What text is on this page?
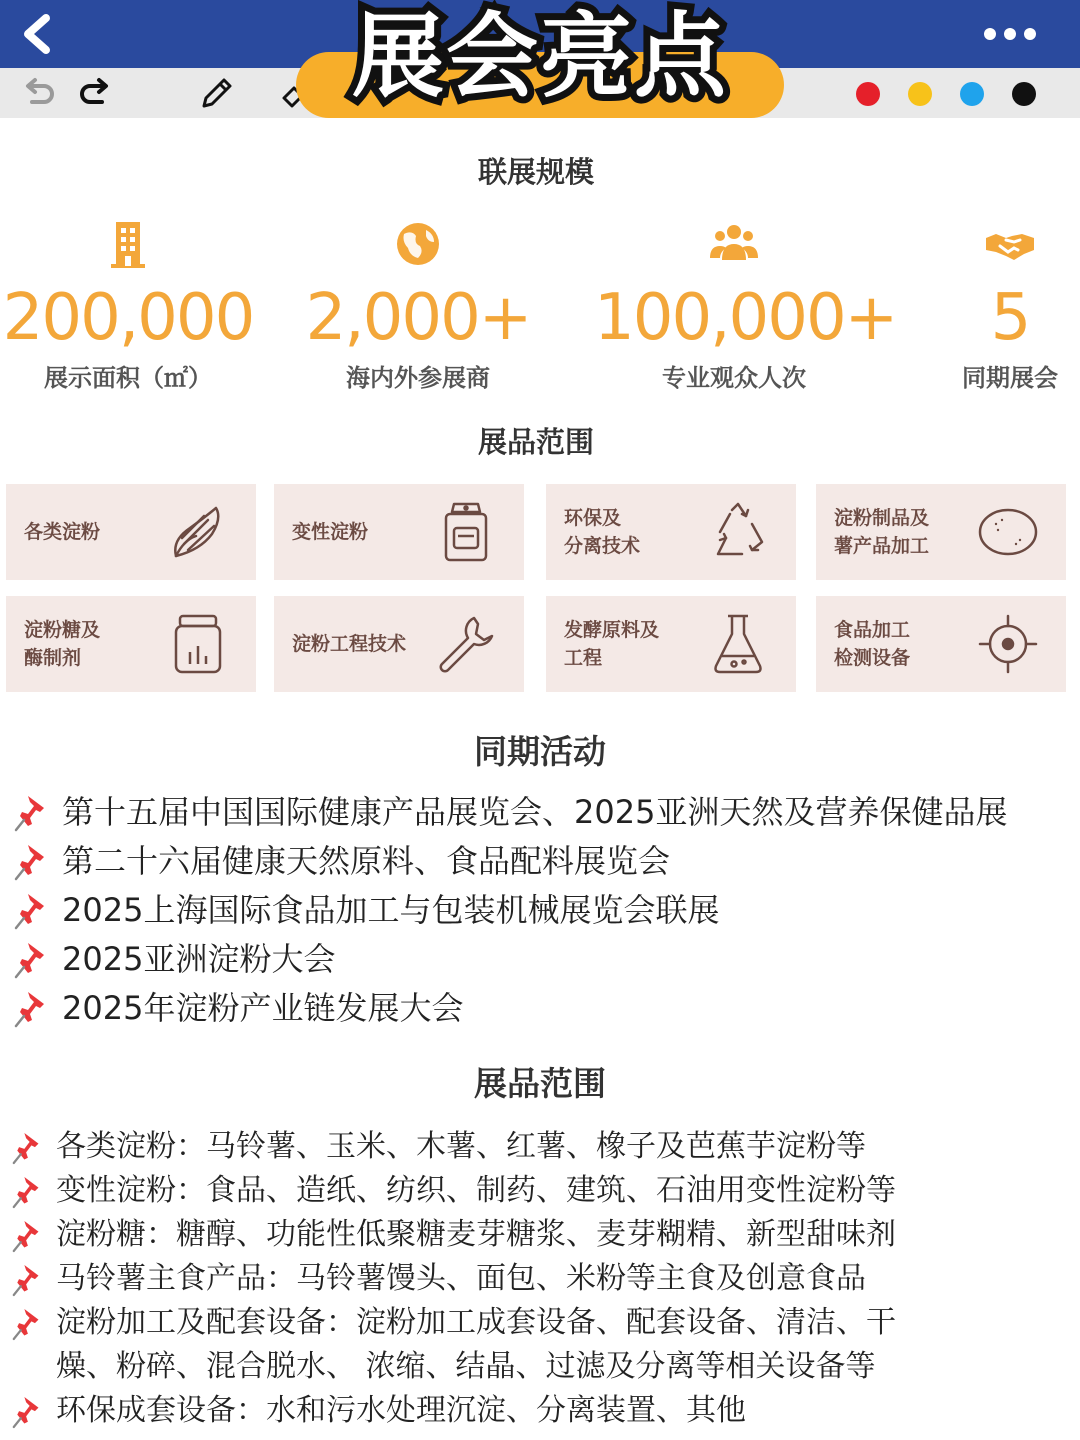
展会亮点
联展规模
200,000
展示面积（㎡）
2,000+
海内外参展商
100,000+
专业观众人次
5
同期展会
展品范围
各类淀粉	变性淀粉
环保及
分离技术
淀粉制品及
薯产品加工
淀粉糖及
酶制剂
淀粉工程技术
发酵原料及
工程
食品加工
检测设备
同期活动
第十五届中国国际健康产品展览会、2025亚洲天然及营养保健品展
第二十六届健康天然原料、食品配料展览会
2025上海国际食品加工与包装机械展览会联展
2025亚洲淀粉大会
2025年淀粉产业链发展大会
展品范围
各类淀粉：马铃薯、玉米、木薯、红薯、橡子及芭蕉芋淀粉等
变性淀粉：食品、造纸、纺织、制药、建筑、石油用变性淀粉等
淀粉糖：糖醇、功能性低聚糖麦芽糖浆、麦芽糊精、新型甜味剂
马铃薯主食产品：马铃薯馒头、面包、米粉等主食及创意食品
淀粉加工及配套设备：淀粉加工成套设备、配套设备、清洁、干
燥、粉碎、混合脱水、 浓缩、结晶、过滤及分离等相关设备等
环保成套设备：水和污水处理沉淀、分离装置、其他
